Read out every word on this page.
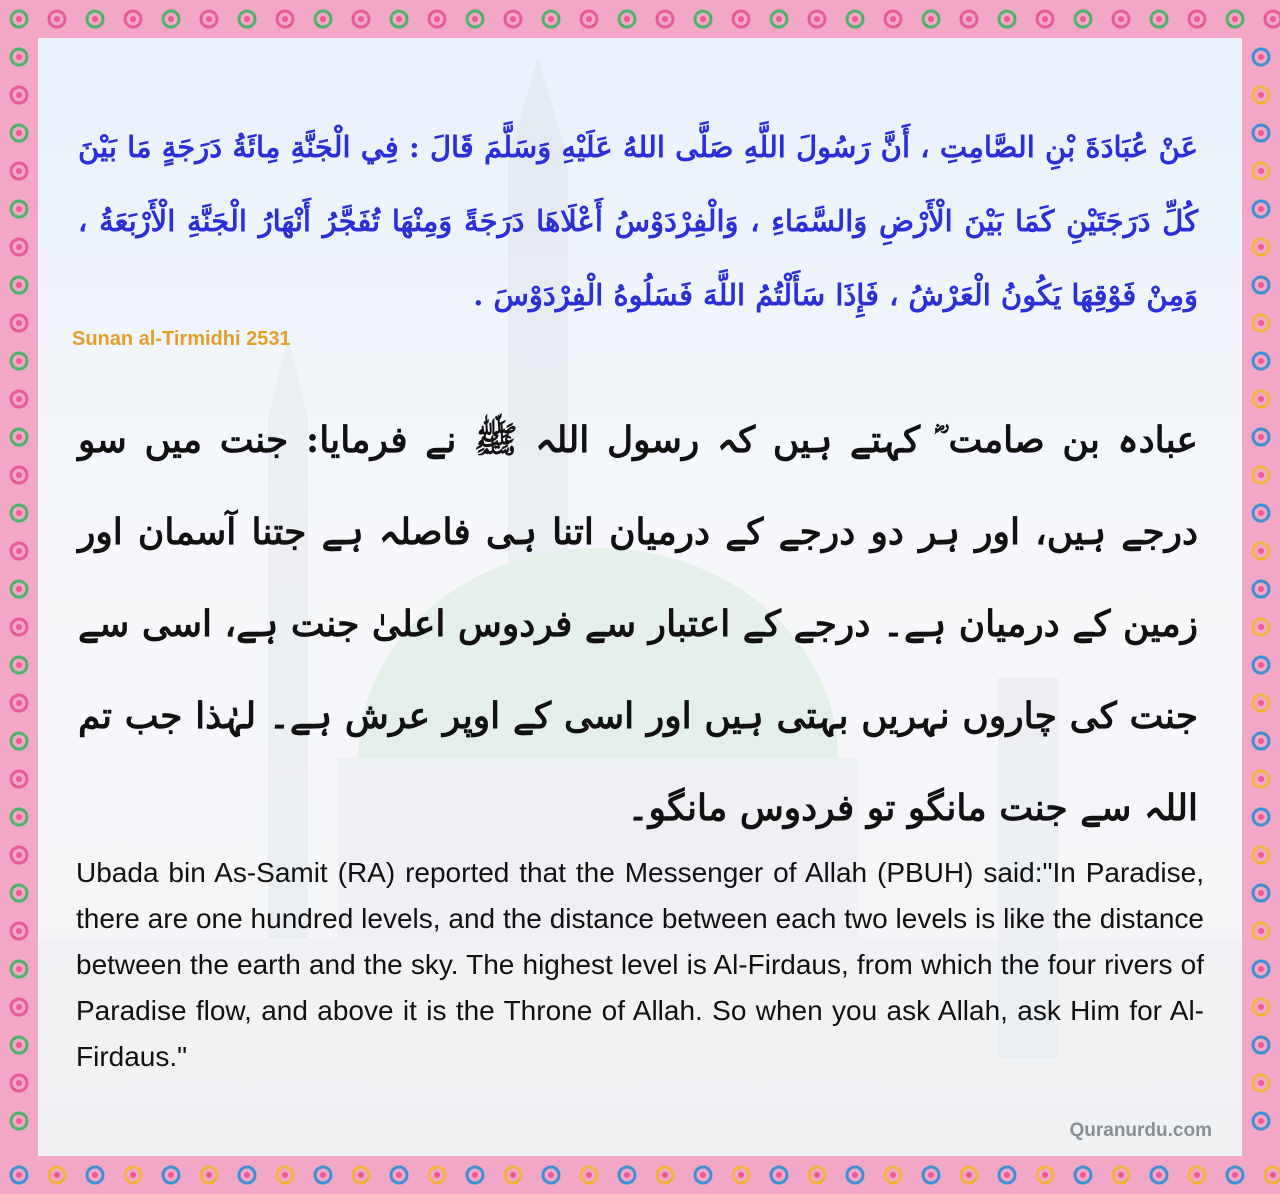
عَنْ عُبَادَةَ بْنِ الصَّامِتِ ، أَنَّ رَسُولَ اللَّهِ صَلَّى اللهُ عَلَيْهِ وَسَلَّمَ قَالَ : فِي الْجَنَّةِ مِائَةُ دَرَجَةٍ مَا بَيْنَ كُلِّ دَرَجَتَيْنِ كَمَا بَيْنَ الْأَرْضِ وَالسَّمَاءِ ، وَالْفِرْدَوْسُ أَعْلَاهَا دَرَجَةً وَمِنْهَا تُفَجَّرُ أَنْهَارُ الْجَنَّةِ الْأَرْبَعَةُ ، وَمِنْ فَوْقِهَا يَكُونُ الْعَرْشُ ، فَإِذَا سَأَلْتُمُ اللَّهَ فَسَلُوهُ الْفِرْدَوْسَ .
Sunan al-Tirmidhi 2531
عبادہ بن صامت ؓ کہتے ہیں کہ رسول اللہ ﷺ نے فرمایا: جنت میں سو درجے ہیں، اور ہر دو درجے کے درمیان اتنا ہی فاصلہ ہے جتنا آسمان اور زمین کے درمیان ہے۔ درجے کے اعتبار سے فردوس اعلیٰ جنت ہے، اسی سے جنت کی چاروں نہریں بہتی ہیں اور اسی کے اوپر عرش ہے۔ لہٰذا جب تم اللہ سے جنت مانگو تو فردوس مانگو۔
Ubada bin As-Samit (RA) reported that the Messenger of Allah (PBUH) said:"In Paradise, there are one hundred levels, and the distance between each two levels is like the distance between the earth and the sky. The highest level is Al-Firdaus, from which the four rivers of Paradise flow, and above it is the Throne of Allah. So when you ask Allah, ask Him for Al-Firdaus."
Quranurdu.com
